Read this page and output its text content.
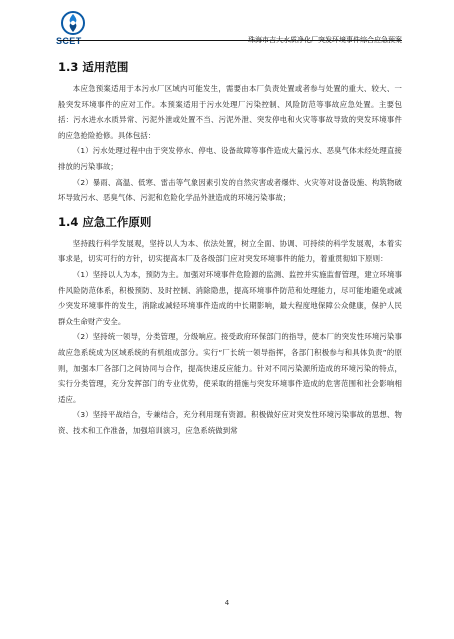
SCET	珠海市吉大水质净化厂突发环境事件综合应急预案
1.3 适用范围

本应急预案适用于本污水厂区域内可能发生，需要由本厂负责处置或者参与处置的重大、较大、一般突发环境事件的应对工作。本预案适用于污水处理厂污染控制、风险防范等事故应急处置。主要包括：污水进水水质异常、污泥外泄或处置不当、污泥外泄、突发停电和火灾等事故导致的突发环境事件的应急抢险抢修。具体包括：

（1）污水处理过程中由于突发停水、停电、设备故障等事件造成大量污水、恶臭气体未经处理直接排放的污染事故；

（2）暴雨、高温、低寒、雷击等气象因素引发的自然灾害或者爆炸、火灾等对设备设施、构筑物破坏导致污水、恶臭气体、污泥和危险化学品外泄造成的环境污染事故；

1.4 应急工作原则

坚持践行科学发展观，坚持以人为本、依法处置，树立全面、协调、可持续的科学发展观，本着实事求是，切实可行的方针，切实提高本厂及各级部门应对突发环境事件的能力，着重贯彻如下原则：

（1）坚持以人为本，预防为主。加强对环境事件危险源的监测、监控并实施监督管理，建立环境事件风险防范体系，积极预防、及时控制、消除隐患，提高环境事件防范和处理能力，尽可能地避免或减少突发环境事件的发生，消除或减轻环境事件造成的中长期影响，最大程度地保障公众健康，保护人民群众生命财产安全。

（2）坚持统一领导，分类管理，分级响应。接受政府环保部门的指导，使本厂的突发性环境污染事故应急系统成为区域系统的有机组成部分。实行“厂长统一领导指挥，各部门积极参与和具体负责”的原则，加强本厂各部门之间协同与合作，提高快速反应能力。针对不同污染源所造成的环境污染的特点，实行分类管理，充分发挥部门的专业优势，使采取的措施与突发环境事件造成的危害范围和社会影响相适应。

（3）坚持平战结合，专兼结合，充分利用现有资源。积极做好应对突发性环境污染事故的思想、物资、技术和工作准备，加强培训演习，应急系统做到常

4
